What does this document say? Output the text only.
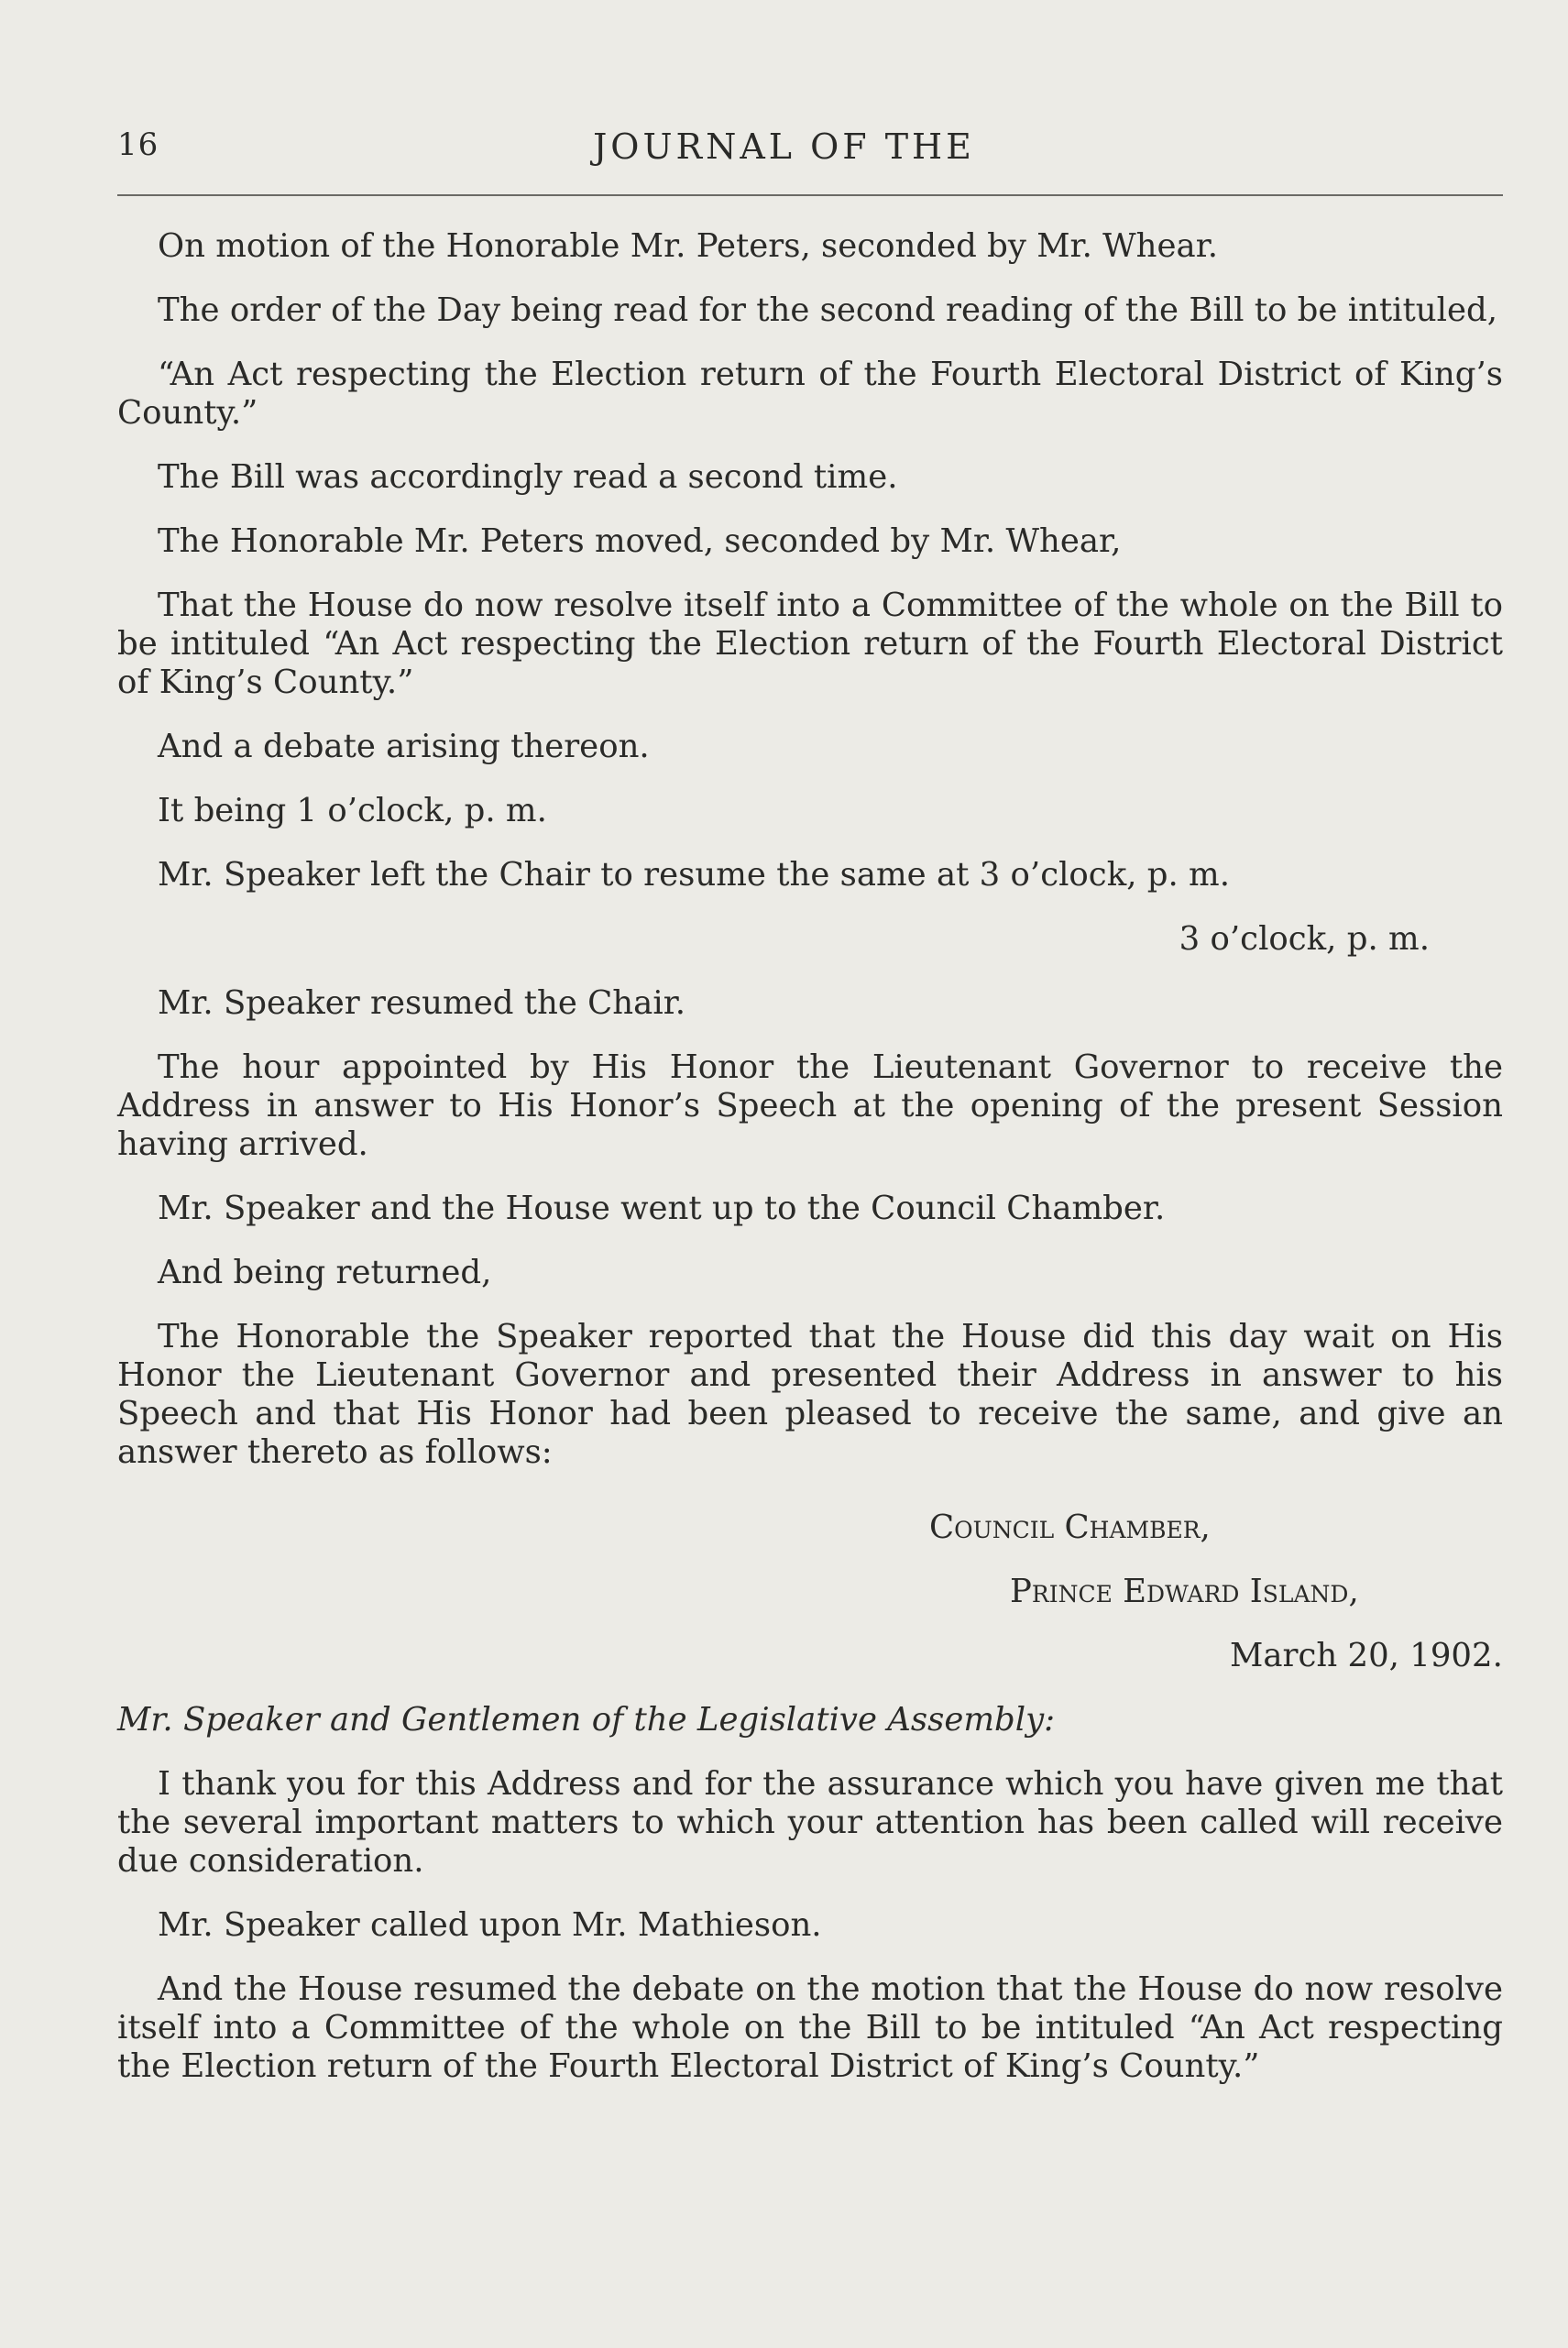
16	JOURNAL OF THE

On motion of the Honorable Mr. Peters, seconded by Mr. Whear.

The order of the Day being read for the second reading of the Bill to be intituled,

“An Act respecting the Election return of the Fourth Electoral District of King’s County.”

The Bill was accordingly read a second time.

The Honorable Mr. Peters moved, seconded by Mr. Whear,

That the House do now resolve itself into a Committee of the whole on the Bill to be intituled “An Act respecting the Election return of the Fourth Electoral District of King’s County.”

And a debate arising thereon.

It being 1 o’clock, p. m.

Mr. Speaker left the Chair to resume the same at 3 o’clock, p. m.

3 o’clock, p. m.

Mr. Speaker resumed the Chair.

The hour appointed by His Honor the Lieutenant Governor to receive the Address in answer to His Honor’s Speech at the opening of the present Session having arrived.

Mr. Speaker and the House went up to the Council Chamber.

And being returned,

The Honorable the Speaker reported that the House did this day wait on His Honor the Lieutenant Governor and presented their Address in answer to his Speech and that His Honor had been pleased to receive the same, and give an answer thereto as follows:

Council Chamber,

Prince Edward Island,

March 20, 1902.

Mr. Speaker and Gentlemen of the Legislative Assembly:

I thank you for this Address and for the assurance which you have given me that the several important matters to which your attention has been called will receive due consideration.

Mr. Speaker called upon Mr. Mathieson.

And the House resumed the debate on the motion that the House do now resolve itself into a Committee of the whole on the Bill to be intituled “An Act respecting the Election return of the Fourth Electoral District of King’s County.”
